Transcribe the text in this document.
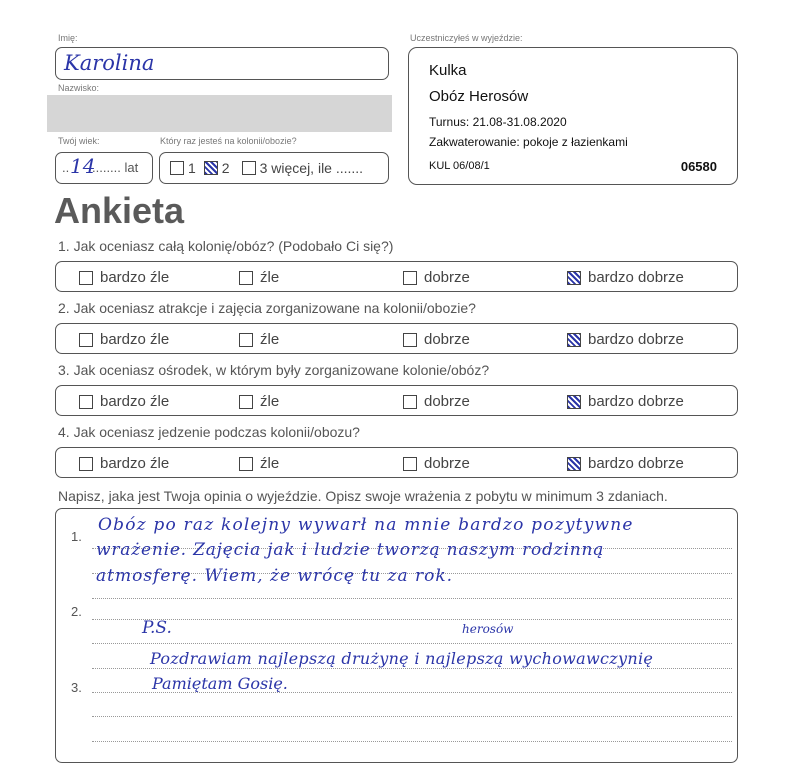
Imię:
Karolina
Nazwisko:
Twój wiek:
.. 14
........ lat
Który raz jesteś na kolonii/obozie?
1 2 3 więcej, ile .......
Uczestniczyłeś w wyjeździe:
Kulka
Obóz Herosów
Turnus: 21.08-31.08.2020
Zakwaterowanie: pokoje z łazienkami
KUL 06/08/1	06580
Ankieta
1. Jak oceniasz całą kolonię/obóz? (Podobało Ci się?)
bardzo źle	źle	dobrze	bardzo dobrze
2. Jak oceniasz atrakcje i zajęcia zorganizowane na kolonii/obozie?
bardzo źle	źle	dobrze	bardzo dobrze
3. Jak oceniasz ośrodek, w którym były zorganizowane kolonie/obóz?
bardzo źle	źle	dobrze	bardzo dobrze
4. Jak oceniasz jedzenie podczas kolonii/obozu?
bardzo źle	źle	dobrze	bardzo dobrze
Napisz, jaka jest Twoja opinia o wyjeździe. Opisz swoje wrażenia z pobytu w minimum 3 zdaniach.
1.
2.
3.
Obóz po raz kolejny wywarł na mnie bardzo pozytywne
wrażenie. Zajęcia jak i ludzie tworzą naszym rodzinną
atmosferę. Wiem, że wrócę tu za rok.
P.S.	herosów
Pozdrawiam najlepszą drużynę i najlepszą wychowawczynię
Pamiętam Gosię.
